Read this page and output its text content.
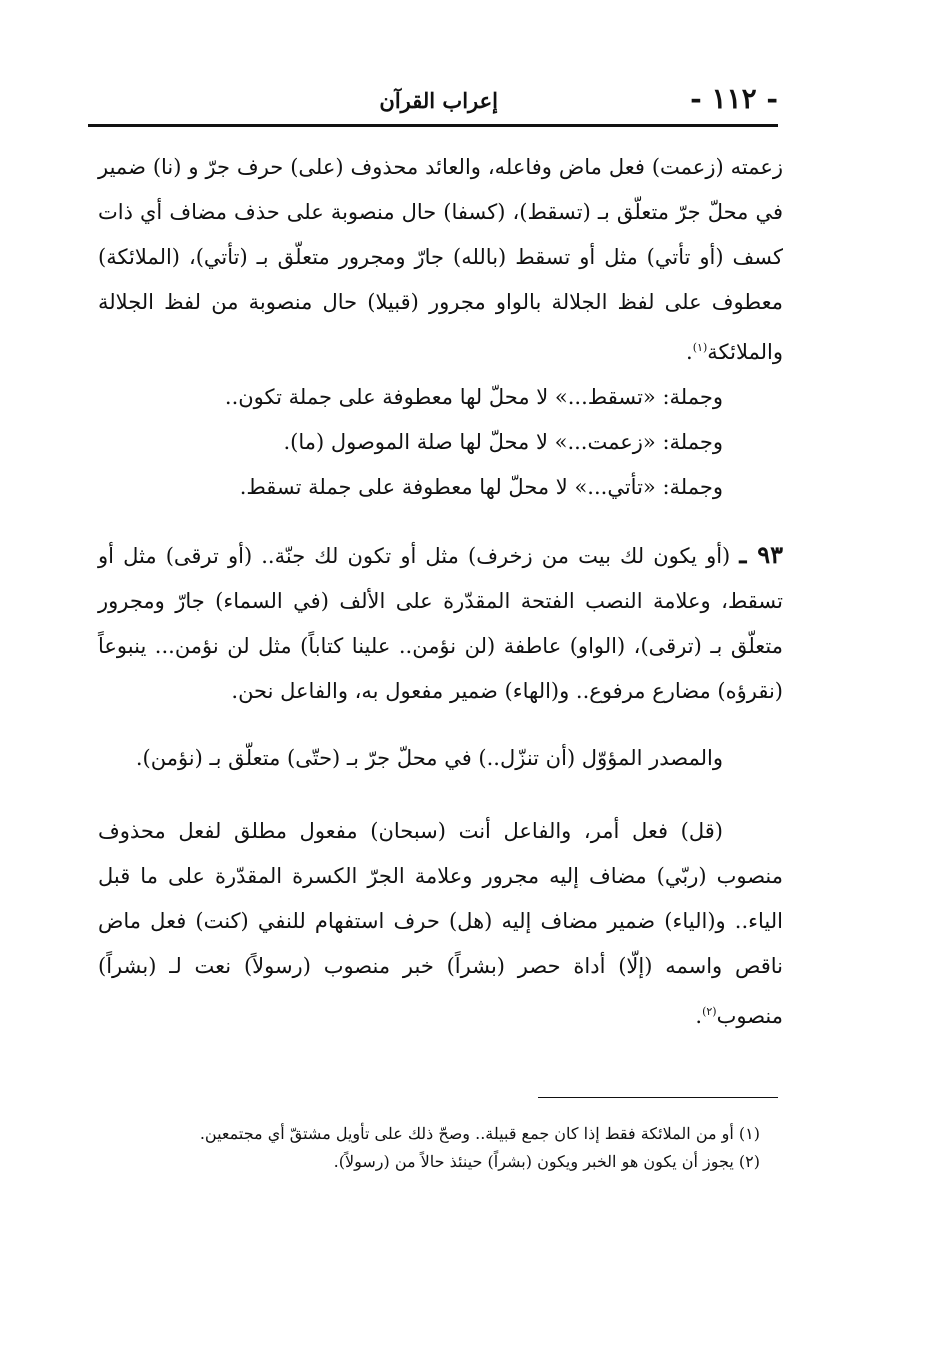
- ١١٢ -
إعراب القرآن

زعمته (زعمت) فعل ماض وفاعله، والعائد محذوف (على) حرف جرّ و (نا) ضمير في محلّ جرّ متعلّق بـ (تسقط)، (كسفا) حال منصوبة على حذف مضاف أي ذات كسف (أو تأتي) مثل أو تسقط (بالله) جارّ ومجرور متعلّق بـ (تأتي)، (الملائكة) معطوف على لفظ الجلالة بالواو مجرور (قبيلا) حال منصوبة من لفظ الجلالة والملائكة$^{(١)}$.

وجملة: «تسقط...» لا محلّ لها معطوفة على جملة تكون..

وجملة: «زعمت...» لا محلّ لها صلة الموصول (ما).

وجملة: «تأتي...» لا محلّ لها معطوفة على جملة تسقط.

٩٣ ـ (أو يكون لك بيت من زخرف) مثل أو تكون لك جنّة.. (أو ترقى) مثل أو تسقط، وعلامة النصب الفتحة المقدّرة على الألف (في السماء) جارّ ومجرور متعلّق بـ (ترقى)، (الواو) عاطفة (لن نؤمن.. علينا كتاباً) مثل لن نؤمن... ينبوعاً (نقرؤه) مضارع مرفوع.. و(الهاء) ضمير مفعول به، والفاعل نحن.

والمصدر المؤوّل (أن تنزّل..) في محلّ جرّ بـ (حتّى) متعلّق بـ (نؤمن).

(قل) فعل أمر، والفاعل أنت (سبحان) مفعول مطلق لفعل محذوف منصوب (ربّي) مضاف إليه مجرور وعلامة الجرّ الكسرة المقدّرة على ما قبل الياء.. و(الياء) ضمير مضاف إليه (هل) حرف استفهام للنفي (كنت) فعل ماض ناقص واسمه (إلّا) أداة حصر (بشراً) خبر منصوب (رسولاً) نعت لـ (بشراً) منصوب$^{(٢)}$.

(١) أو من الملائكة فقط إذا كان جمع قبيلة.. وصحّ ذلك على تأويل مشتقّ أي مجتمعين.

(٢) يجوز أن يكون هو الخبر ويكون (بشراً) حينئذ حالاً من (رسولاً).
